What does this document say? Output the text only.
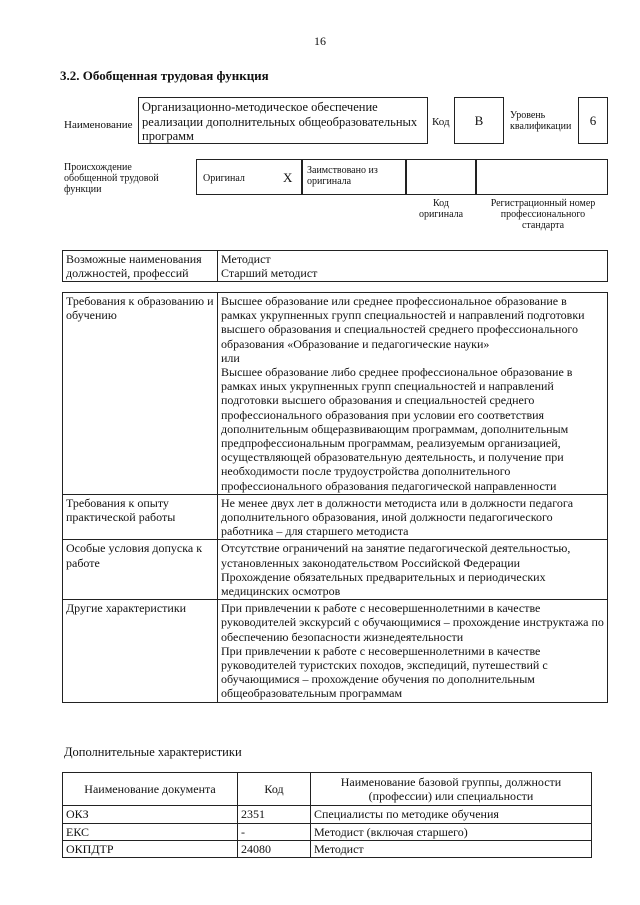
16
3.2. Обобщенная трудовая функция
Наименование
Организационно-методическое обеспечение реализации дополнительных общеобразовательных программ
Код B	Уровень квалификации	6
Происхождение обобщенной трудовой функции
Оригинал	X Заимствовано из оригинала
Код оригинала
Регистрационный номер профессионального стандарта
Возможные наименования должностей, профессий	Методист
Старший методист
Требования к образованию и обучению	Высшее образование или среднее профессиональное образование в рамках укрупненных групп специальностей и направлений подготовки высшего образования и специальностей среднего профессионального образования «Образование и педагогические науки»
или
Высшее образование либо среднее профессиональное образование в рамках иных укрупненных групп специальностей и направлений подготовки высшего образования и специальностей среднего профессионального образования при условии его соответствия дополнительным общеразвивающим программам, дополнительным предпрофессиональным программам, реализуемым организацией, осуществляющей образовательную деятельность, и получение при необходимости после трудоустройства дополнительного профессионального образования педагогической направленности
Требования к опыту практической работы	Не менее двух лет в должности методиста или в должности педагога дополнительного образования, иной должности педагогического работника – для старшего методиста
Особые условия допуска к работе	Отсутствие ограничений на занятие педагогической деятельностью, установленных законодательством Российской Федерации
Прохождение обязательных предварительных и периодических медицинских осмотров
Другие характеристики	При привлечении к работе с несовершеннолетними в качестве руководителей экскурсий с обучающимися – прохождение инструктажа по обеспечению безопасности жизнедеятельности
При привлечении к работе с несовершеннолетними в качестве руководителей туристских походов, экспедиций, путешествий с обучающимися – прохождение обучения по дополнительным общеобразовательным программам
Дополнительные характеристики
Наименование документа	Код	Наименование базовой группы, должности (профессии) или специальности
ОКЗ	2351	Специалисты по методике обучения
ЕКС	-	Методист (включая старшего)
ОКПДТР	24080	Методист
